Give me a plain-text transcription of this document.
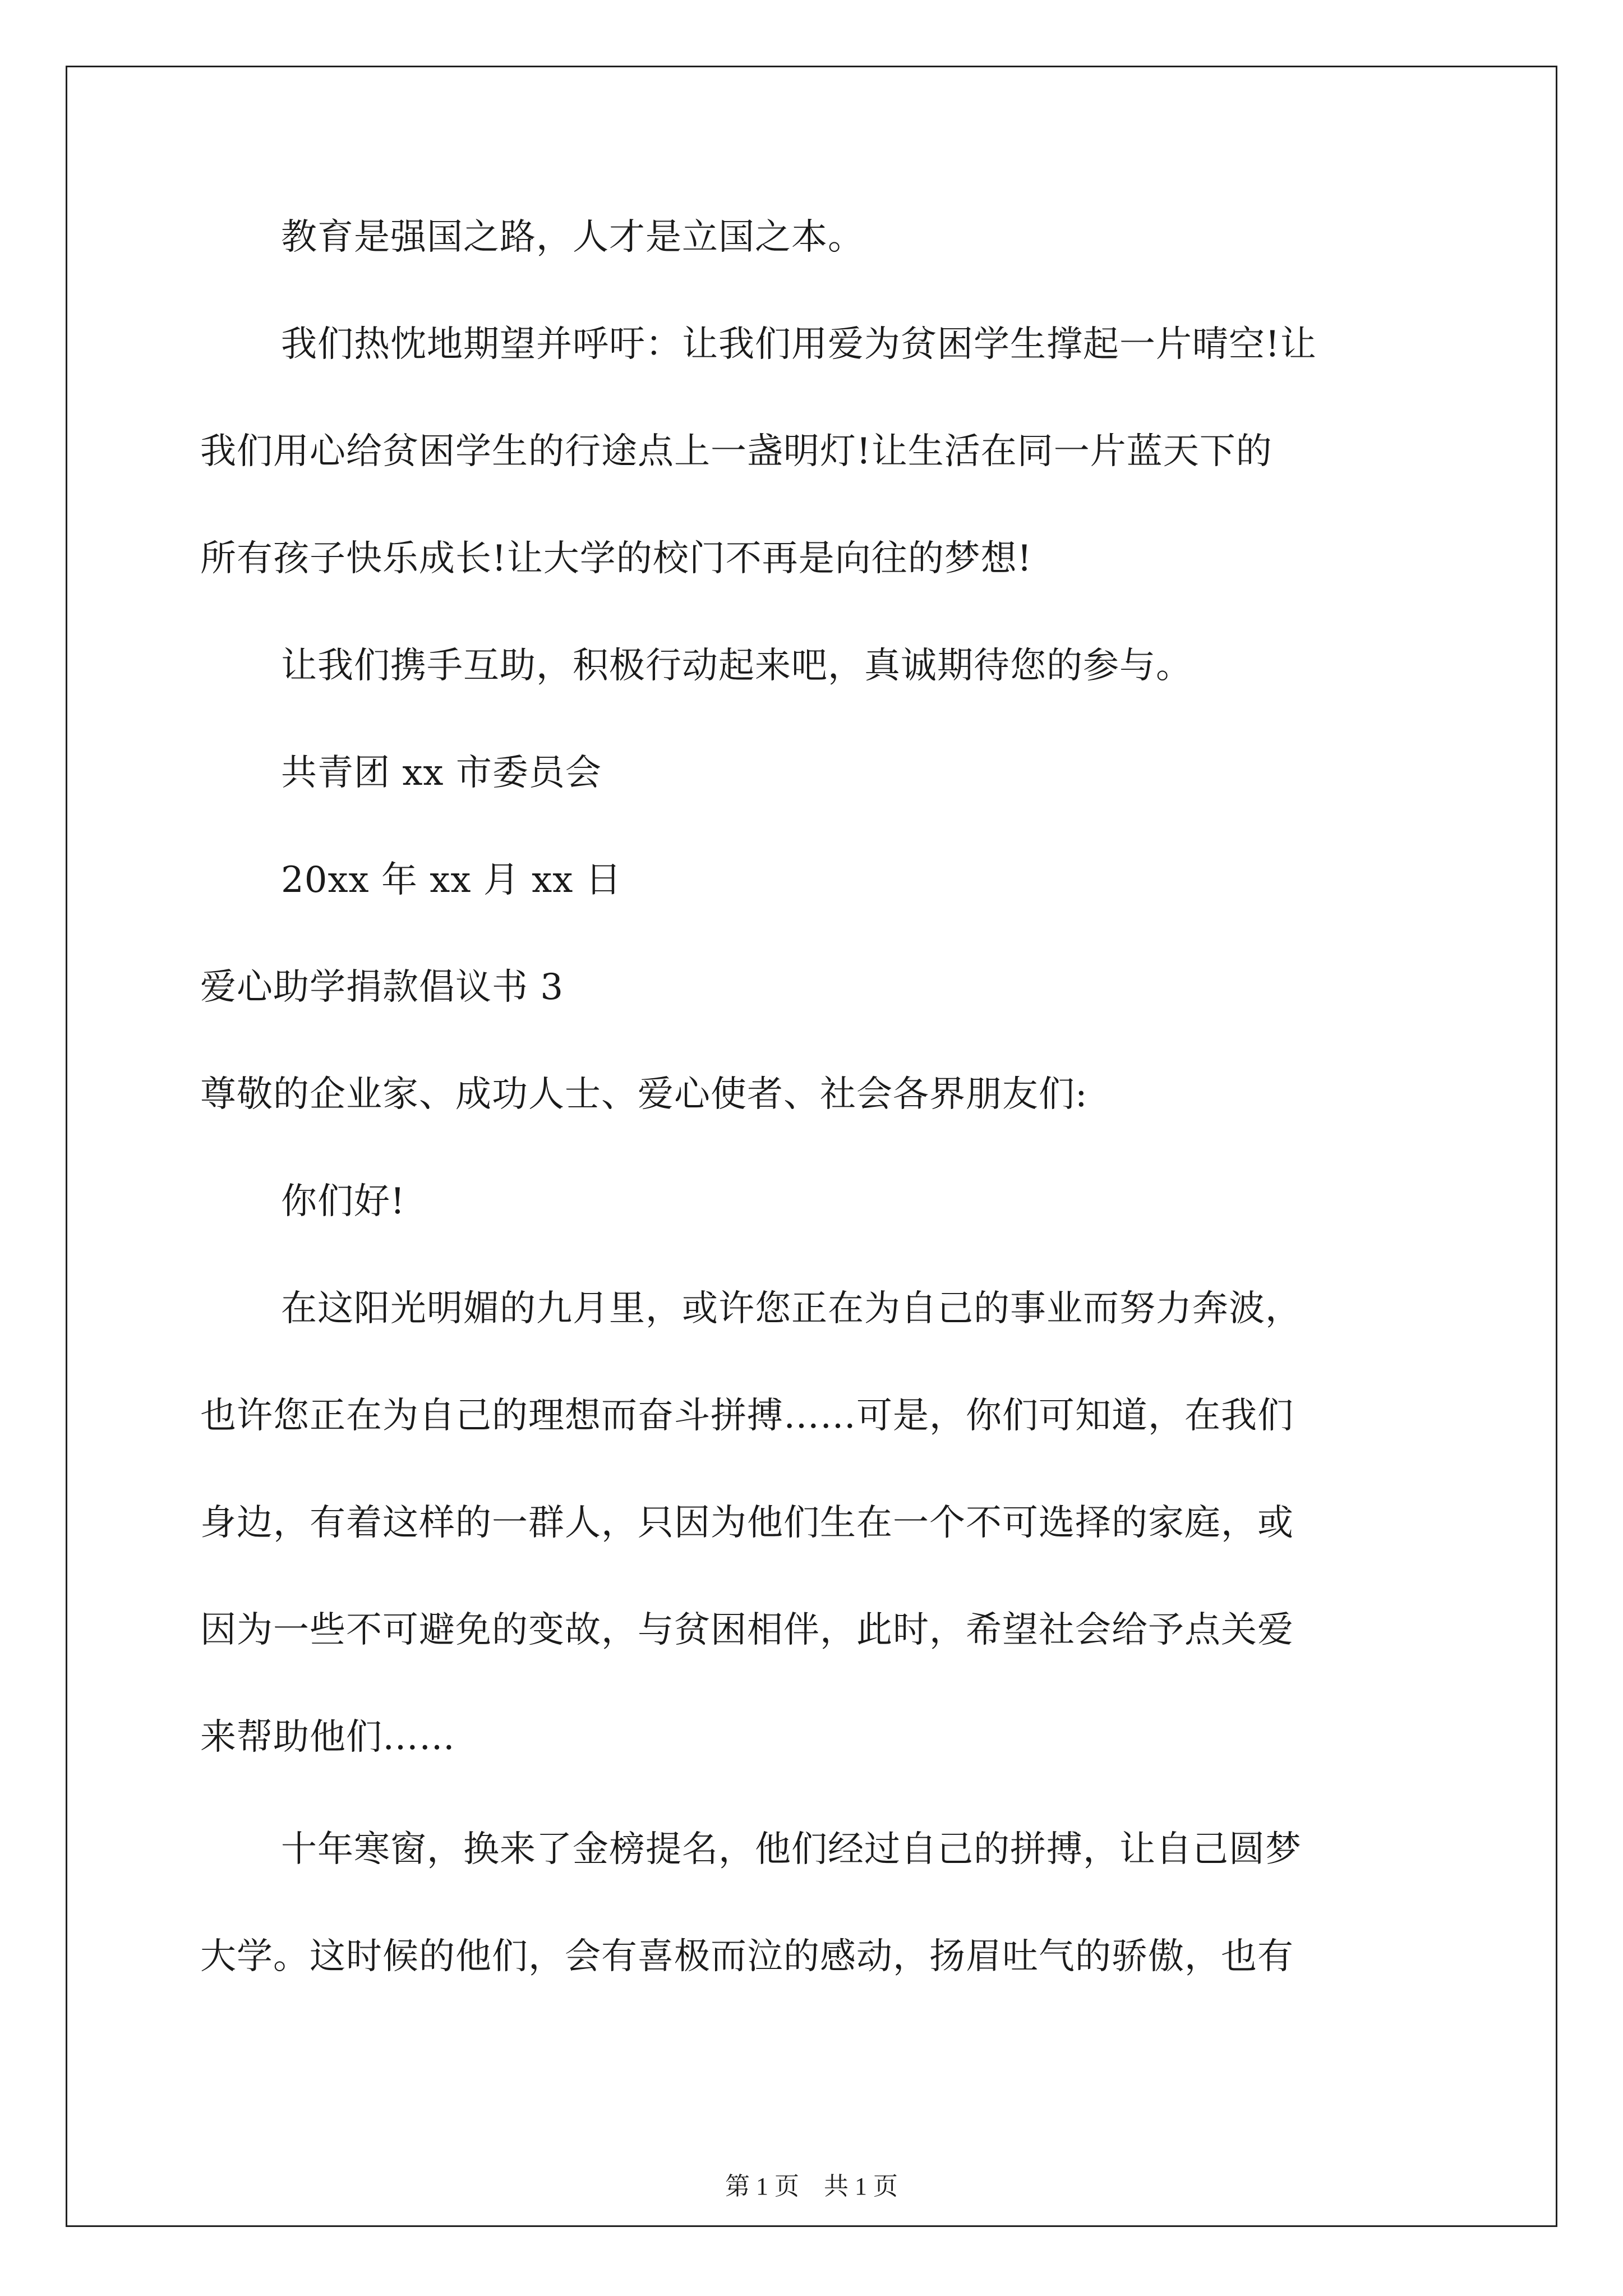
教育是强国之路，人才是立国之本。
我们热忱地期望并呼吁：让我们用爱为贫困学生撑起一片晴空!让
我们用心给贫困学生的行途点上一盏明灯!让生活在同一片蓝天下的
所有孩子快乐成长!让大学的校门不再是向往的梦想!
让我们携手互助，积极行动起来吧，真诚期待您的参与。
共青团 xx 市委员会
20xx 年 xx 月 xx 日
爱心助学捐款倡议书 3
尊敬的企业家、成功人士、爱心使者、社会各界朋友们:
你们好!
在这阳光明媚的九月里，或许您正在为自己的事业而努力奔波，
也许您正在为自己的理想而奋斗拼搏……可是，你们可知道，在我们
身边，有着这样的一群人，只因为他们生在一个不可选择的家庭，或
因为一些不可避免的变故，与贫困相伴，此时，希望社会给予点关爱
来帮助他们……
十年寒窗，换来了金榜提名，他们经过自己的拼搏，让自己圆梦
大学。这时候的他们，会有喜极而泣的感动，扬眉吐气的骄傲，也有
第 1 页    共 1 页
